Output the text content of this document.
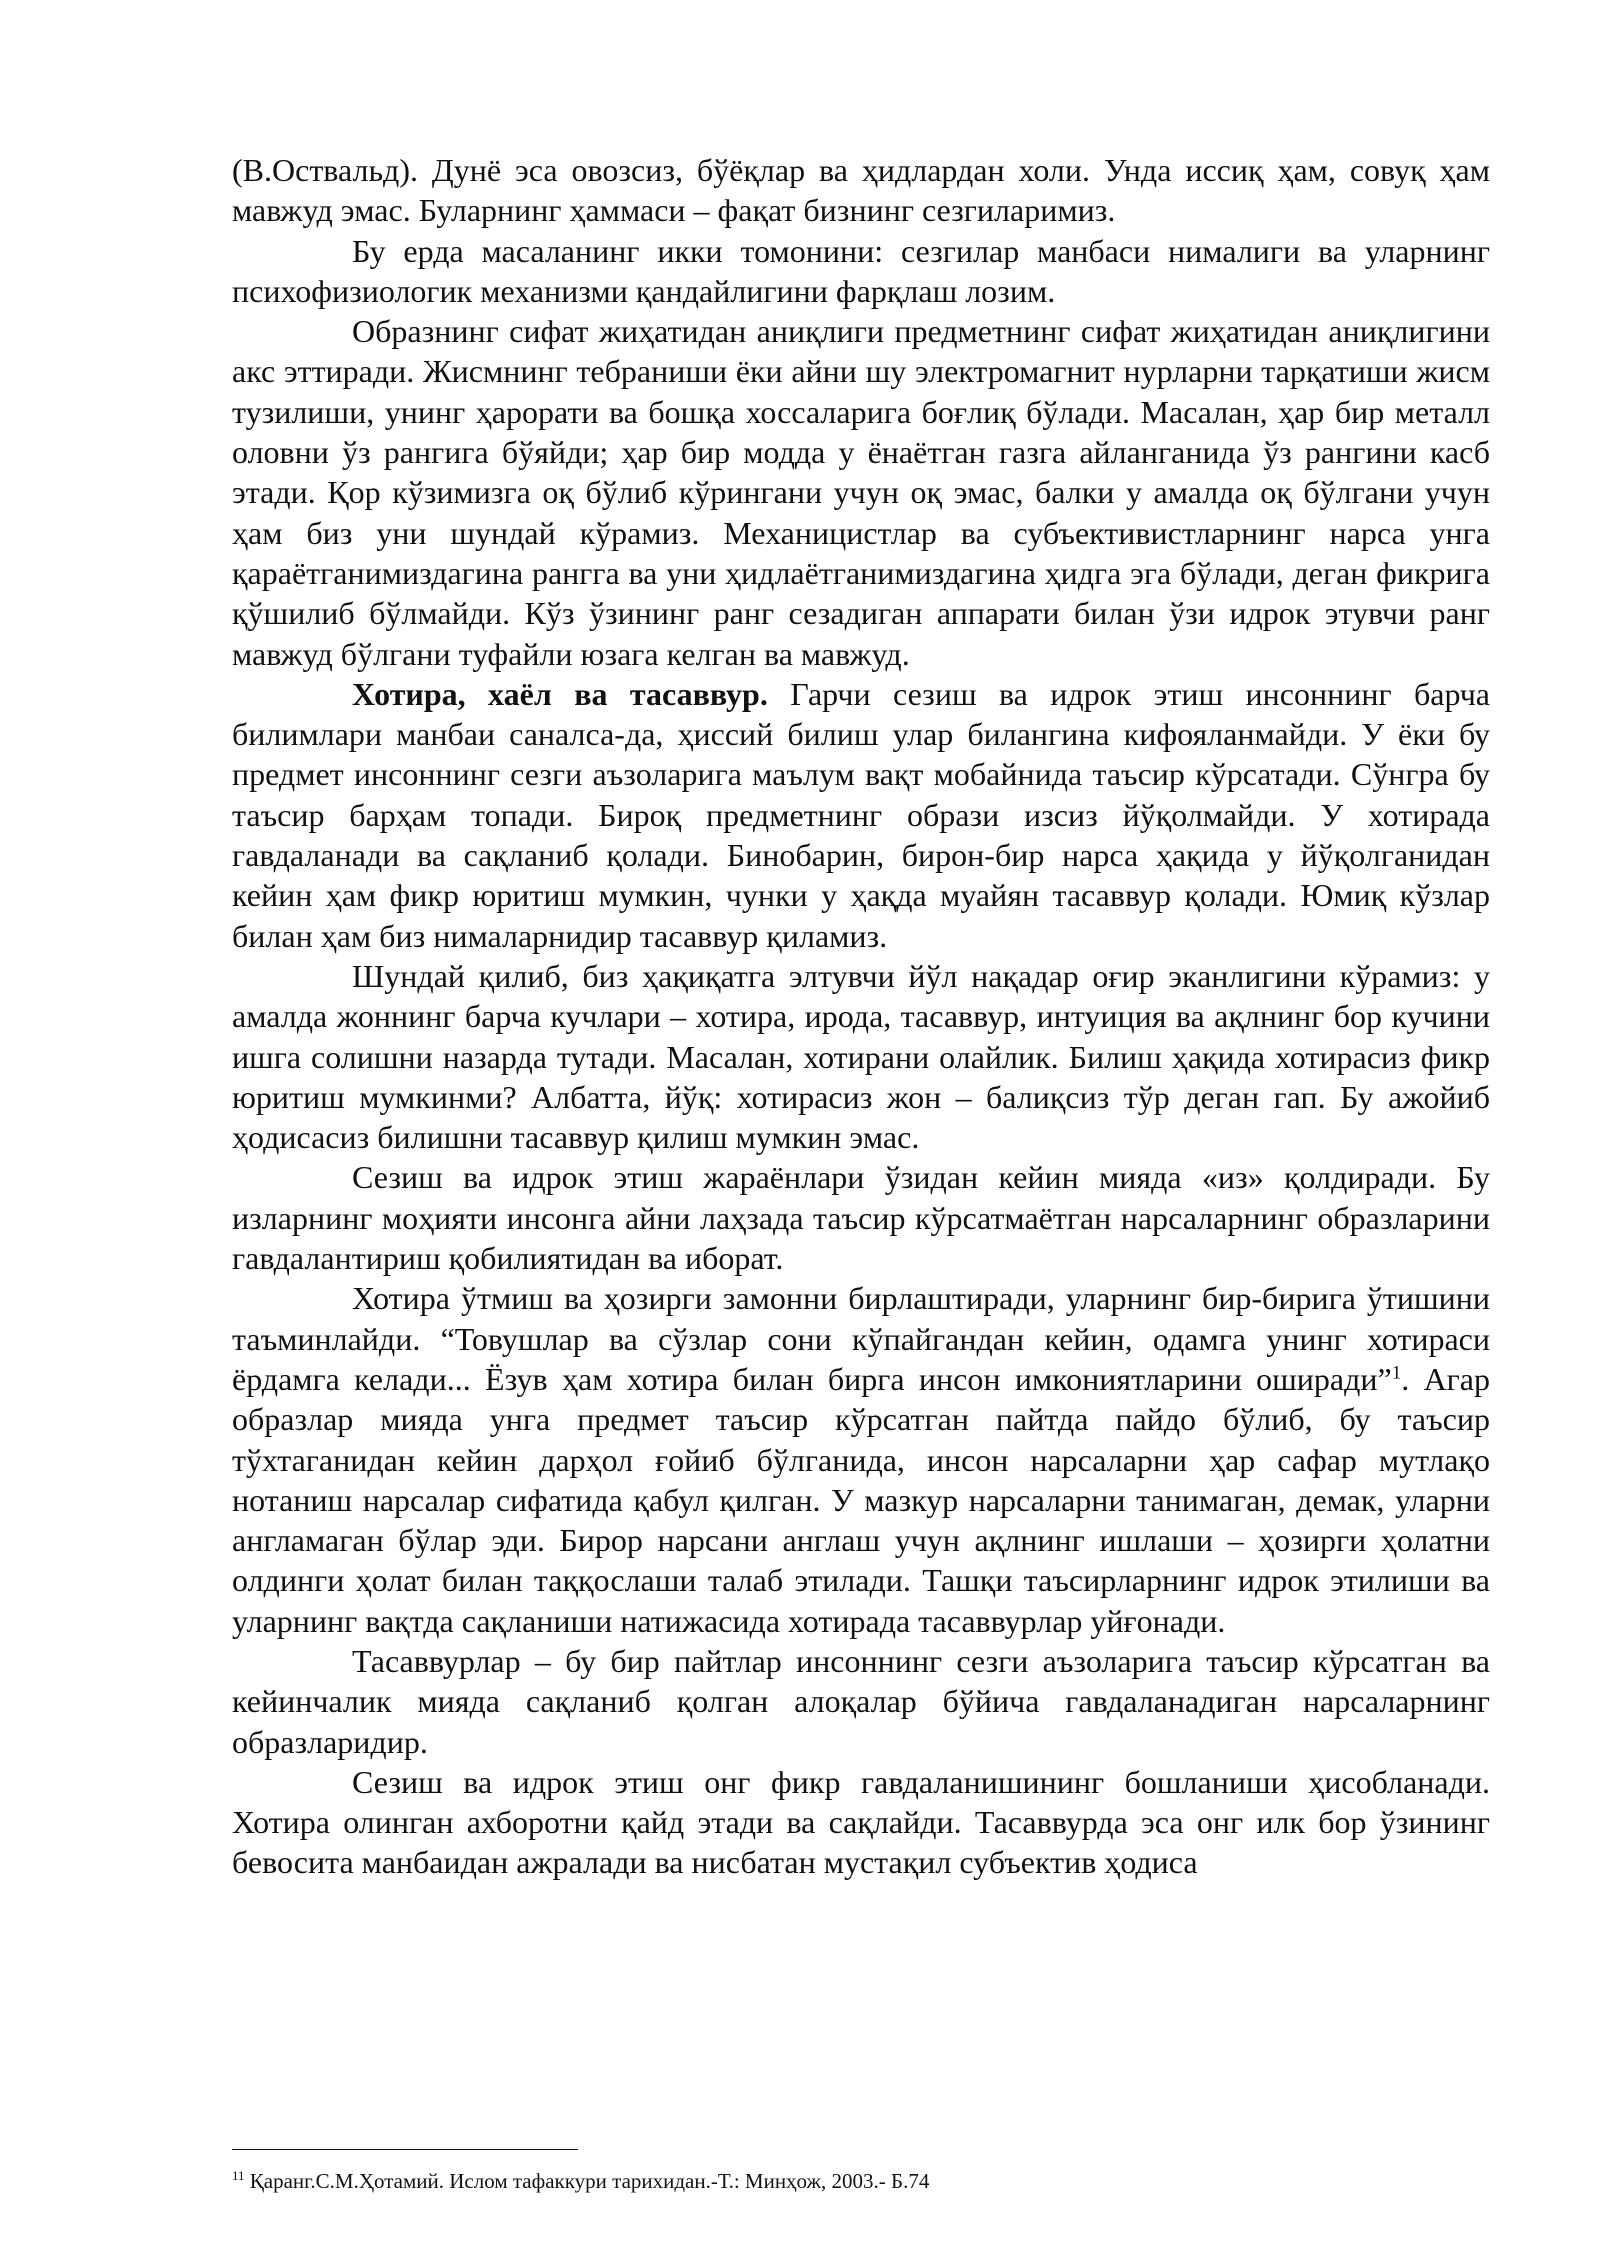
(В.Оствальд). Дунё эса овозсиз, бўёқлар ва ҳидлардан холи. Унда иссиқ ҳам, совуқ ҳам мавжуд эмас. Буларнинг ҳаммаси – фақат бизнинг сезгиларимиз.

Бу ерда масаланинг икки томонини: сезгилар манбаси нималиги ва уларнинг психофизиологик механизми қандайлигини фарқлаш лозим.

Образнинг сифат жиҳатидан аниқлиги предметнинг сифат жиҳатидан аниқлигини акс эттиради. Жисмнинг тебраниши ёки айни шу электромагнит нурларни тарқатиши жисм тузилиши, унинг ҳарорати ва бошқа хоссаларига боғлиқ бўлади. Масалан, ҳар бир металл оловни ўз рангига бўяйди; ҳар бир модда у ёнаётган газга айланганида ўз рангини касб этади. Қор кўзимизга оқ бўлиб кўрингани учун оқ эмас, балки у амалда оқ бўлгани учун ҳам биз уни шундай кўрамиз. Механицистлар ва субъективистларнинг нарса унга қараётганимиздагина рангга ва уни ҳидлаётганимиздагина ҳидга эга бўлади, деган фикрига қўшилиб бўлмайди. Кўз ўзининг ранг сезадиган аппарати билан ўзи идрок этувчи ранг мавжуд бўлгани туфайли юзага келган ва мавжуд.

Хотира, хаёл ва тасаввур. Гарчи сезиш ва идрок этиш инсоннинг барча билимлари манбаи саналса-да, ҳиссий билиш улар билангина кифояланмайди. У ёки бу предмет инсоннинг сезги аъзоларига маълум вақт мобайнида таъсир кўрсатади. Сўнгра бу таъсир барҳам топади. Бироқ предметнинг образи изсиз йўқолмайди. У хотирада гавдаланади ва сақланиб қолади. Бинобарин, бирон-бир нарса ҳақида у йўқолганидан кейин ҳам фикр юритиш мумкин, чунки у ҳақда муайян тасаввур қолади. Юмиқ кўзлар билан ҳам биз нималарнидир тасаввур қиламиз.

Шундай қилиб, биз ҳақиқатга элтувчи йўл нақадар оғир эканлигини кўрамиз: у амалда жоннинг барча кучлари – хотира, ирода, тасаввур, интуиция ва ақлнинг бор кучини ишга солишни назарда тутади. Масалан, хотирани олайлик. Билиш ҳақида хотирасиз фикр юритиш мумкинми? Албатта, йўқ: хотирасиз жон – балиқсиз тўр деган гап. Бу ажойиб ҳодисасиз билишни тасаввур қилиш мумкин эмас.

Сезиш ва идрок этиш жараёнлари ўзидан кейин мияда «из» қолдиради. Бу изларнинг моҳияти инсонга айни лаҳзада таъсир кўрсатмаётган нарсаларнинг образларини гавдалантириш қобилиятидан ва иборат.

Хотира ўтмиш ва ҳозирги замонни бирлаштиради, уларнинг бир-бирига ўтишини таъминлайди. “Товушлар ва сўзлар сони кўпайгандан кейин, одамга унинг хотираси ёрдамга келади... Ёзув ҳам хотира билан бирга инсон имкониятларини оширади”$^1$. Агар образлар мияда унга предмет таъсир кўрсатган пайтда пайдо бўлиб, бу таъсир тўхтаганидан кейин дарҳол ғойиб бўлганида, инсон нарсаларни ҳар сафар мутлақо нотаниш нарсалар сифатида қабул қилган. У мазкур нарсаларни танимаган, демак, уларни англамаган бўлар эди. Бирор нарсани англаш учун ақлнинг ишлаши – ҳозирги ҳолатни олдинги ҳолат билан таққослаши талаб этилади. Ташқи таъсирларнинг идрок этилиши ва уларнинг вақтда сақланиши натижасида хотирада тасаввурлар уйғонади.

Тасаввурлар – бу бир пайтлар инсоннинг сезги аъзоларига таъсир кўрсатган ва кейинчалик мияда сақланиб қолган алоқалар бўйича гавдаланадиган нарсаларнинг образларидир.

Сезиш ва идрок этиш онг фикр гавдаланишининг бошланиши ҳисобланади. Хотира олинган ахборотни қайд этади ва сақлайди. Тасаввурда эса онг илк бор ўзининг бевосита манбаидан ажралади ва нисбатан мустақил субъектив ҳодиса

$^{11}$ Қаранг.С.М.Ҳотамий. Ислом тафаккури тарихидан.-Т.: Минҳож, 2003.- Б.74
